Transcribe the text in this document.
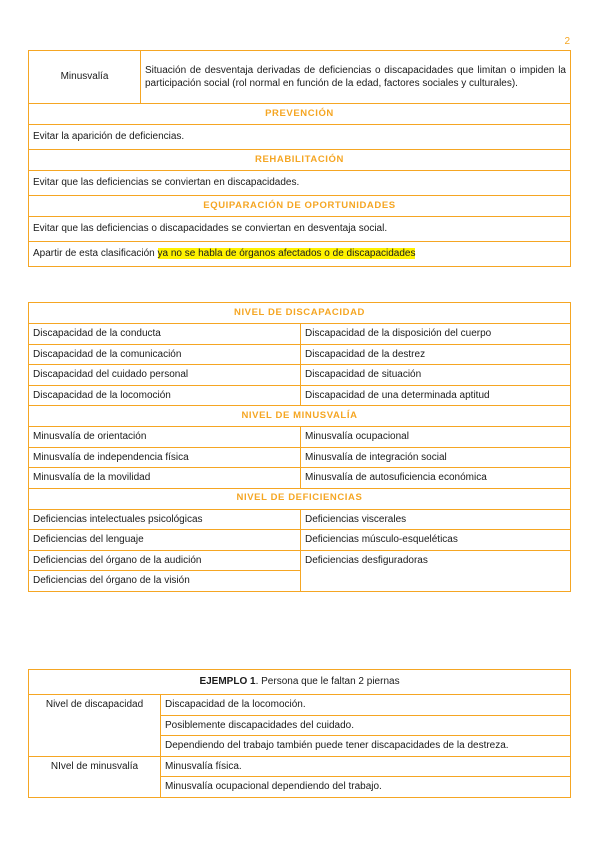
2
Minusvalía	Situación de desventaja derivadas de deficiencias o discapacidades que limitan o impiden la participación social (rol normal en función de la edad, factores sociales y culturales).
PREVENCIÓN
Evitar la aparición de deficiencias.
REHABILITACIÓN
Evitar que las deficiencias se conviertan en discapacidades.
EQUIPARACIÓN DE OPORTUNIDADES
Evitar que las deficiencias o discapacidades se conviertan en desventaja social.
Apartir de esta clasificación ya no se habla de órganos afectados o de discapacidades
NIVEL DE DISCAPACIDAD	
Discapacidad de la conducta	Discapacidad de la disposición del cuerpo
Discapacidad de la comunicación	Discapacidad de la destrez
Discapacidad del cuidado personal	Discapacidad de situación
Discapacidad de la locomoción	Discapacidad de una determinada aptitud
NIVEL DE MINUSVALÍA	
Minusvalía de orientación	Minusvalía ocupacional
Minusvalía de independencia física	Minusvalía de integración social
Minusvalía de la movilidad	Minusvalía de autosuficiencia económica
NIVEL DE DEFICIENCIAS	
Deficiencias intelectuales psicológicas	Deficiencias viscerales
Deficiencias del lenguaje	Deficiencias músculo-esqueléticas
Deficiencias del órgano de la audición	Deficiencias desfiguradoras
Deficiencias del órgano de la visión	
EJEMPLO 1. Persona que le faltan 2 piernas	
Nivel de discapacidad	Discapacidad de la locomoción.
	Posiblemente discapacidades del cuidado.
	Dependiendo del trabajo también puede tener discapacidades de la destreza.
NIvel de minusvalía	Minusvalía física.
	Minusvalía ocupacional dependiendo del trabajo.
